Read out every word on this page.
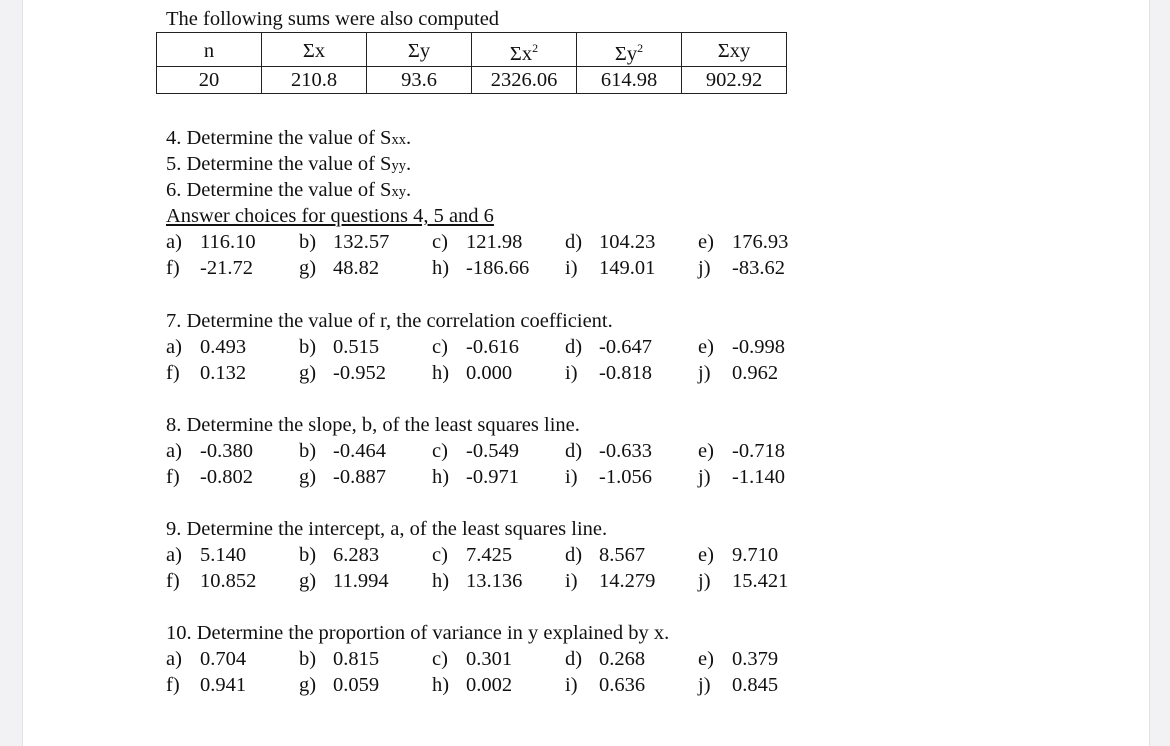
The following sums were also computed
n	Σx	Σy	$\Sigma x^2$	$\Sigma y^2$	Σxy
20	210.8	93.6	2326.06	614.98	902.92
4. Determine the value of Sxx.
5. Determine the value of Syy.
6. Determine the value of Sxy.
Answer choices for questions 4, 5 and 6
a) 116.10 b) 132.57 c) 121.98 d) 104.23 e) 176.93
f) -21.72 g) 48.82	h) -186.66 i) 149.01 j) -83.62
7. Determine the value of r, the correlation coefficient.
a) 0.493	b) 0.515	c) -0.616 d) -0.647 e) -0.998
f) 0.132	g) -0.952 h) 0.000	i) -0.818 j) 0.962
8. Determine the slope, b, of the least squares line.
a) -0.380 b) -0.464 c) -0.549 d) -0.633 e) -0.718
f) -0.802 g) -0.887 h) -0.971 i) -1.056 j) -1.140
9. Determine the intercept, a, of the least squares line.
a) 5.140	b) 6.283	c) 7.425	d) 8.567	e) 9.710
f) 10.852 g) 11.994 h) 13.136 i) 14.279 j) 15.421
10. Determine the proportion of variance in y explained by x.
a) 0.704	b) 0.815	c) 0.301	d) 0.268	e) 0.379
f) 0.941	g) 0.059	h) 0.002	i) 0.636	j) 0.845
